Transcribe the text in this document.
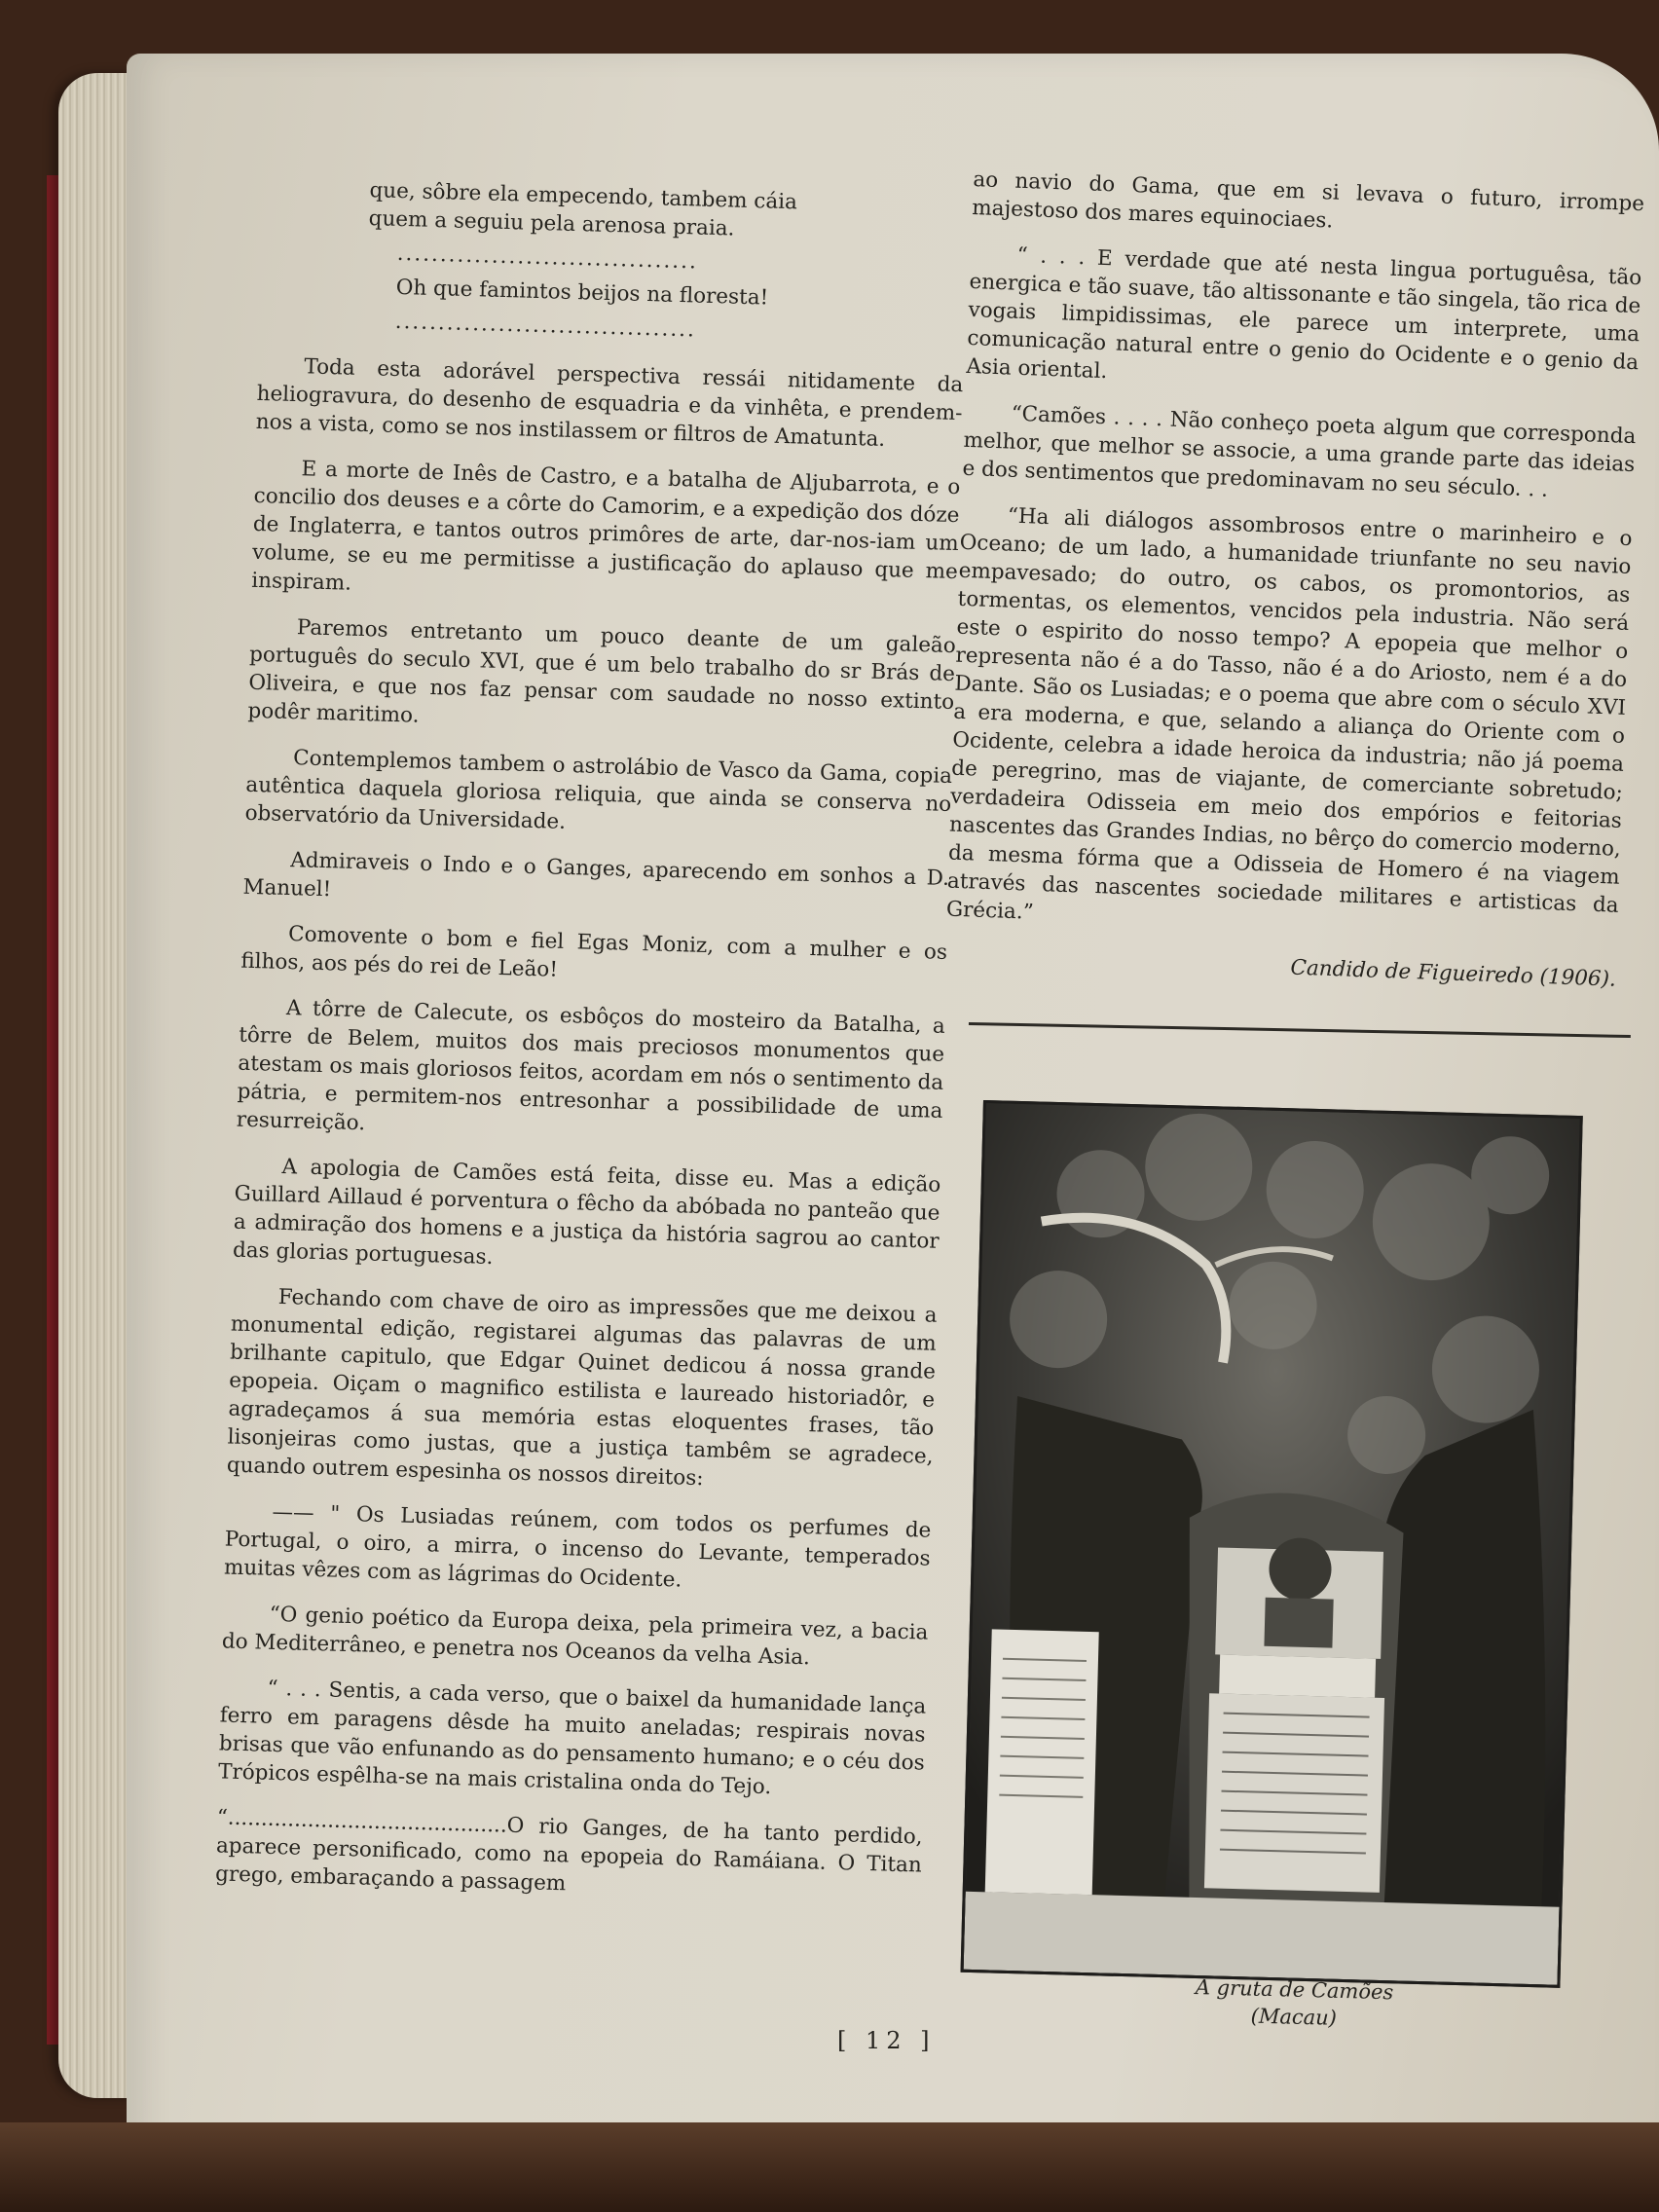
que, sôbre ela empecendo, tambem cáia
quem a seguiu pela arenosa praia.
...................................
Oh que famintos beijos na floresta!
...................................

Toda esta adorável perspectiva ressái nitidamente da heliogravura, do desenho de esquadria e da vinhêta, e prendem-nos a vista, como se nos instilassem or filtros de Amatunta.

E a morte de Inês de Castro, e a batalha de Aljubarrota, e o concilio dos deuses e a côrte do Camorim, e a expedição dos dóze de Inglaterra, e tantos outros primôres de arte, dar-nos-iam um volume, se eu me permitisse a justificação do aplauso que me inspiram.

Paremos entretanto um pouco deante de um galeão português do seculo XVI, que é um belo trabalho do sr Brás de Oliveira, e que nos faz pensar com saudade no nosso extinto podêr maritimo.

Contemplemos tambem o astrolábio de Vasco da Gama, copia autêntica daquela gloriosa reliquia, que ainda se conserva no observatório da Universidade.

Admiraveis o Indo e o Ganges, aparecendo em sonhos a D. Manuel!

Comovente o bom e fiel Egas Moniz, com a mulher e os filhos, aos pés do rei de Leão!

A tôrre de Calecute, os esbôços do mosteiro da Batalha, a tôrre de Belem, muitos dos mais preciosos monumentos que atestam os mais gloriosos feitos, acordam em nós o sentimento da pátria, e permitem-nos entresonhar a possibilidade de uma resurreição.

A apologia de Camões está feita, disse eu. Mas a edição Guillard Aillaud é porventura o fêcho da abóbada no panteão que a admiração dos homens e a justiça da história sagrou ao cantor das glorias portuguesas.

Fechando com chave de oiro as impressões que me deixou a monumental edição, registarei algumas das palavras de um brilhante capitulo, que Edgar Quinet dedicou á nossa grande epopeia. Oiçam o magnifico estilista e laureado historiadôr, e agradeçamos á sua memória estas eloquentes frases, tão lisonjeiras como justas, que a justiça tambêm se agradece, quando outrem espesinha os nossos direitos:

—— " Os Lusiadas reúnem, com todos os perfumes de Portugal, o oiro, a mirra, o incenso do Levante, temperados muitas vêzes com as lágrimas do Ocidente.

“O genio poético da Europa deixa, pela primeira vez, a bacia do Mediterrâneo, e penetra nos Oceanos da velha Asia.

“ . . . Sentis, a cada verso, que o baixel da humanidade lança ferro em paragens dêsde ha muito aneladas; respirais novas brisas que vão enfunando as do pensamento humano; e o céu dos Trópicos espêlha-se na mais cristalina onda do Tejo.

“..........................................O rio Ganges, de ha tanto perdido, aparece personificado, como na epopeia do Ramáiana. O Titan grego, embaraçando a passagem

ao navio do Gama, que em si levava o futuro, irrompe majestoso dos mares equinociaes.

“ . . . E verdade que até nesta lingua portuguêsa, tão energica e tão suave, tão altissonante e tão singela, tão rica de vogais limpidissimas, ele parece um interprete, uma comunicação natural entre o genio do Ocidente e o genio da Asia oriental.

“Camões . . . . Não conheço poeta algum que corresponda melhor, que melhor se associe, a uma grande parte das ideias e dos sentimentos que predominavam no seu século. . .

“Ha ali diálogos assombrosos entre o marinheiro e o Oceano; de um lado, a humanidade triunfante no seu navio empavesado; do outro, os cabos, os promontorios, as tormentas, os elementos, vencidos pela industria. Não será este o espirito do nosso tempo? A epopeia que melhor o representa não é a do Tasso, não é a do Ariosto, nem é a do Dante. São os Lusiadas; e o poema que abre com o século XVI a era moderna, e que, selando a aliança do Oriente com o Ocidente, celebra a idade heroica da industria; não já poema de peregrino, mas de viajante, de comerciante sobretudo; verdadeira Odisseia em meio dos empórios e feitorias nascentes das Grandes Indias, no bêrço do comercio moderno, da mesma fórma que a Odisseia de Homero é na viagem através das nascentes sociedade militares e artisticas da Grécia.”

Candido de Figueiredo (1906).
A gruta de Camões
(Macau)
[ 12 ]
